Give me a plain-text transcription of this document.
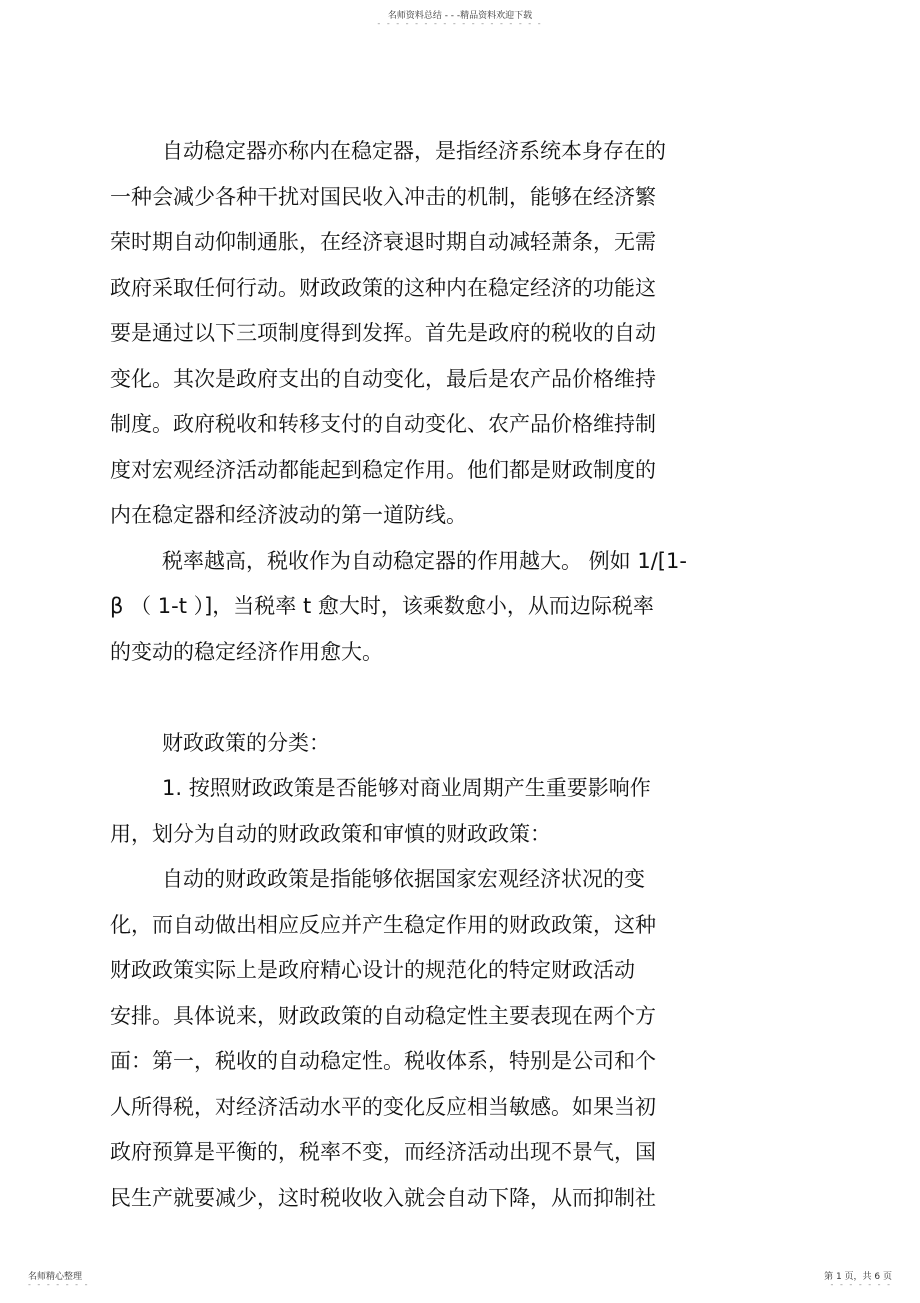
名师资料总结 - - -精品资料欢迎下载
- - - - - - - - - - - - - - - - - -
自动稳定器亦称内在稳定器，是指经济系统本身存在的
一种会减少各种干扰对国民收入冲击的机制，能够在经济繁
荣时期自动仰制通胀，在经济衰退时期自动减轻萧条，无需
政府采取任何行动。财政政策的这种内在稳定经济的功能这
要是通过以下三项制度得到发挥。首先是政府的税收的自动
变化。其次是政府支出的自动变化，最后是农产品价格维持
制度。政府税收和转移支付的自动变化、农产品价格维持制
度对宏观经济活动都能起到稳定作用。他们都是财政制度的
内在稳定器和经济波动的第一道防线。
税率越高，税收作为自动稳定器的作用越大。 例如 1/[1-
β （ 1-t ）]，当税率 t 愈大时，该乘数愈小，从而边际税率
的变动的稳定经济作用愈大。
财政政策的分类：
1. 按照财政政策是否能够对商业周期产生重要影响作
用，划分为自动的财政政策和审慎的财政政策：
自动的财政政策是指能够依据国家宏观经济状况的变
化，而自动做出相应反应并产生稳定作用的财政政策，这种
财政政策实际上是政府精心设计的规范化的特定财政活动
安排。具体说来，财政政策的自动稳定性主要表现在两个方
面：第一，税收的自动稳定性。税收体系，特别是公司和个
人所得税，对经济活动水平的变化反应相当敏感。如果当初
政府预算是平衡的，税率不变，而经济活动出现不景气，国
民生产就要减少，这时税收收入就会自动下降，从而抑制社
名师精心整理
- - - - - - -
第 1 页，共 6 页
- - - - - - -
